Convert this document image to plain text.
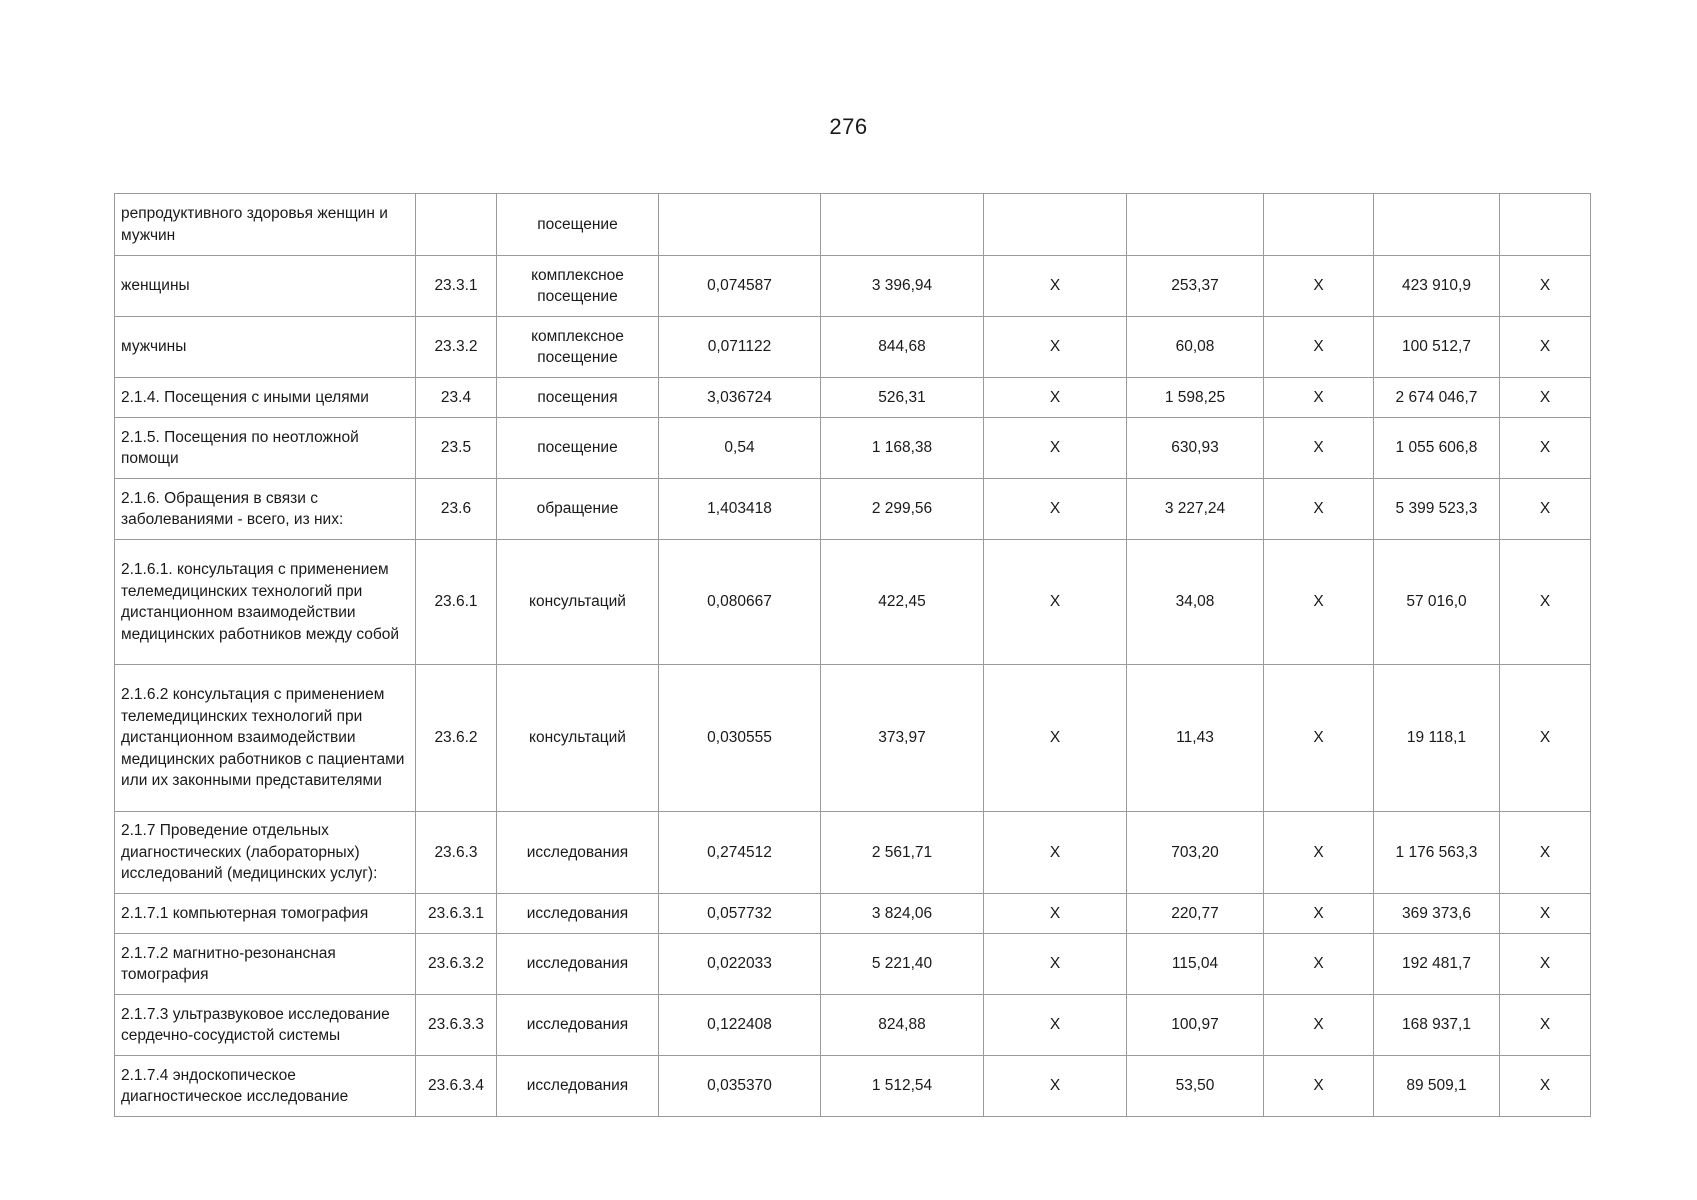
276
репродуктивного здоровья женщин и мужчин		посещение							
женщины	23.3.1	комплексное посещение	0,074587	3 396,94	X	253,37	X	423 910,9	X
мужчины	23.3.2	комплексное посещение	0,071122	844,68	X	60,08	X	100 512,7	X
2.1.4. Посещения с иными целями	23.4	посещения	3,036724	526,31	X	1 598,25	X	2 674 046,7	X
2.1.5. Посещения по неотложной помощи	23.5	посещение	0,54	1 168,38	X	630,93	X	1 055 606,8	X
2.1.6. Обращения в связи с заболеваниями - всего, из них:	23.6	обращение	1,403418	2 299,56	X	3 227,24	X	5 399 523,3	X
2.1.6.1. консультация с применением телемедицинских технологий при дистанционном взаимодействии медицинских работников между собой	23.6.1	консультаций	0,080667	422,45	X	34,08	X	57 016,0	X
2.1.6.2 консультация с применением телемедицинских технологий при дистанционном взаимодействии медицинских работников с пациентами или их законными представителями	23.6.2	консультаций	0,030555	373,97	X	11,43	X	19 118,1	X
2.1.7 Проведение отдельных диагностических (лабораторных) исследований (медицинских услуг):	23.6.3	исследования	0,274512	2 561,71	X	703,20	X	1 176 563,3	X
2.1.7.1 компьютерная томография	23.6.3.1	исследования	0,057732	3 824,06	X	220,77	X	369 373,6	X
2.1.7.2 магнитно-резонансная томография	23.6.3.2	исследования	0,022033	5 221,40	X	115,04	X	192 481,7	X
2.1.7.3 ультразвуковое исследование сердечно-сосудистой системы	23.6.3.3	исследования	0,122408	824,88	X	100,97	X	168 937,1	X
2.1.7.4 эндоскопическое диагностическое исследование	23.6.3.4	исследования	0,035370	1 512,54	X	53,50	X	89 509,1	X
